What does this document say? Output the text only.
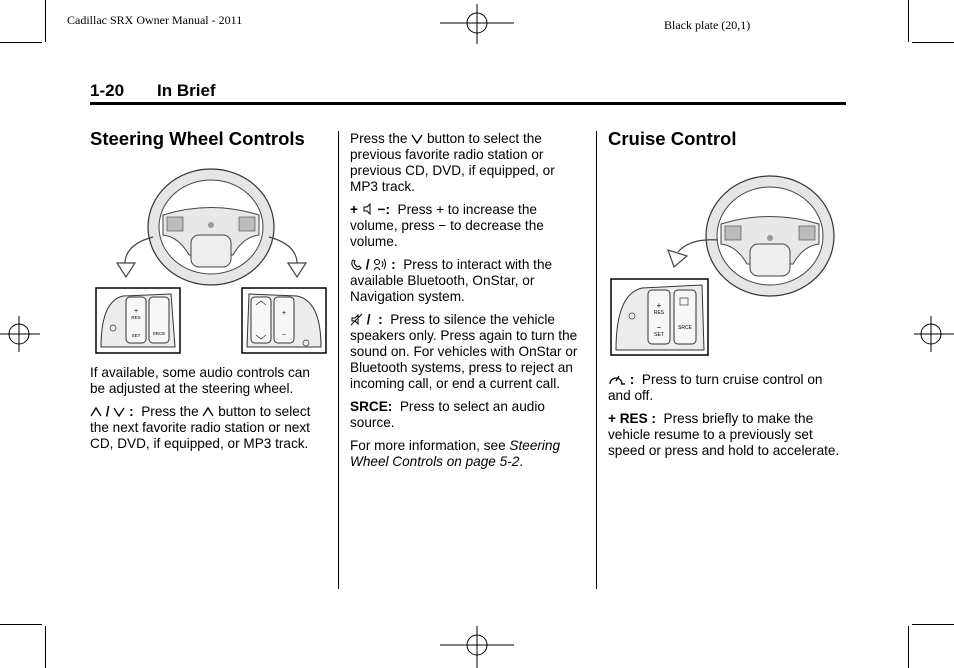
Cadillac SRX Owner Manual - 2011	Black plate (20,1)
1-20 In Brief
Steering Wheel Controls
+
RES
SET	SRCE
+
−

If available, some audio controls can be adjusted at the steering wheel.

/  : Press the button to select the next favorite radio station or next CD, DVD, if equipped, or MP3 track.

Press the button to select the previous favorite radio station or previous CD, DVD, if equipped, or MP3 track.

+ −: Press + to increase the volume, press − to decrease the volume.

/ : Press to interact with the available Bluetooth, OnStar, or Navigation system.

/ : Press to silence the vehicle speakers only. Press again to turn the sound on. For vehicles with OnStar or Bluetooth systems, press to reject an incoming call, or end a current call.

SRCE: Press to select an audio source.

For more information, see Steering Wheel Controls on page 5‑2.

Cruise Control
+
RES
−
SET
SRCE

: Press to turn cruise control on and off.

+ RES : Press briefly to make the vehicle resume to a previously set speed or press and hold to accelerate.
